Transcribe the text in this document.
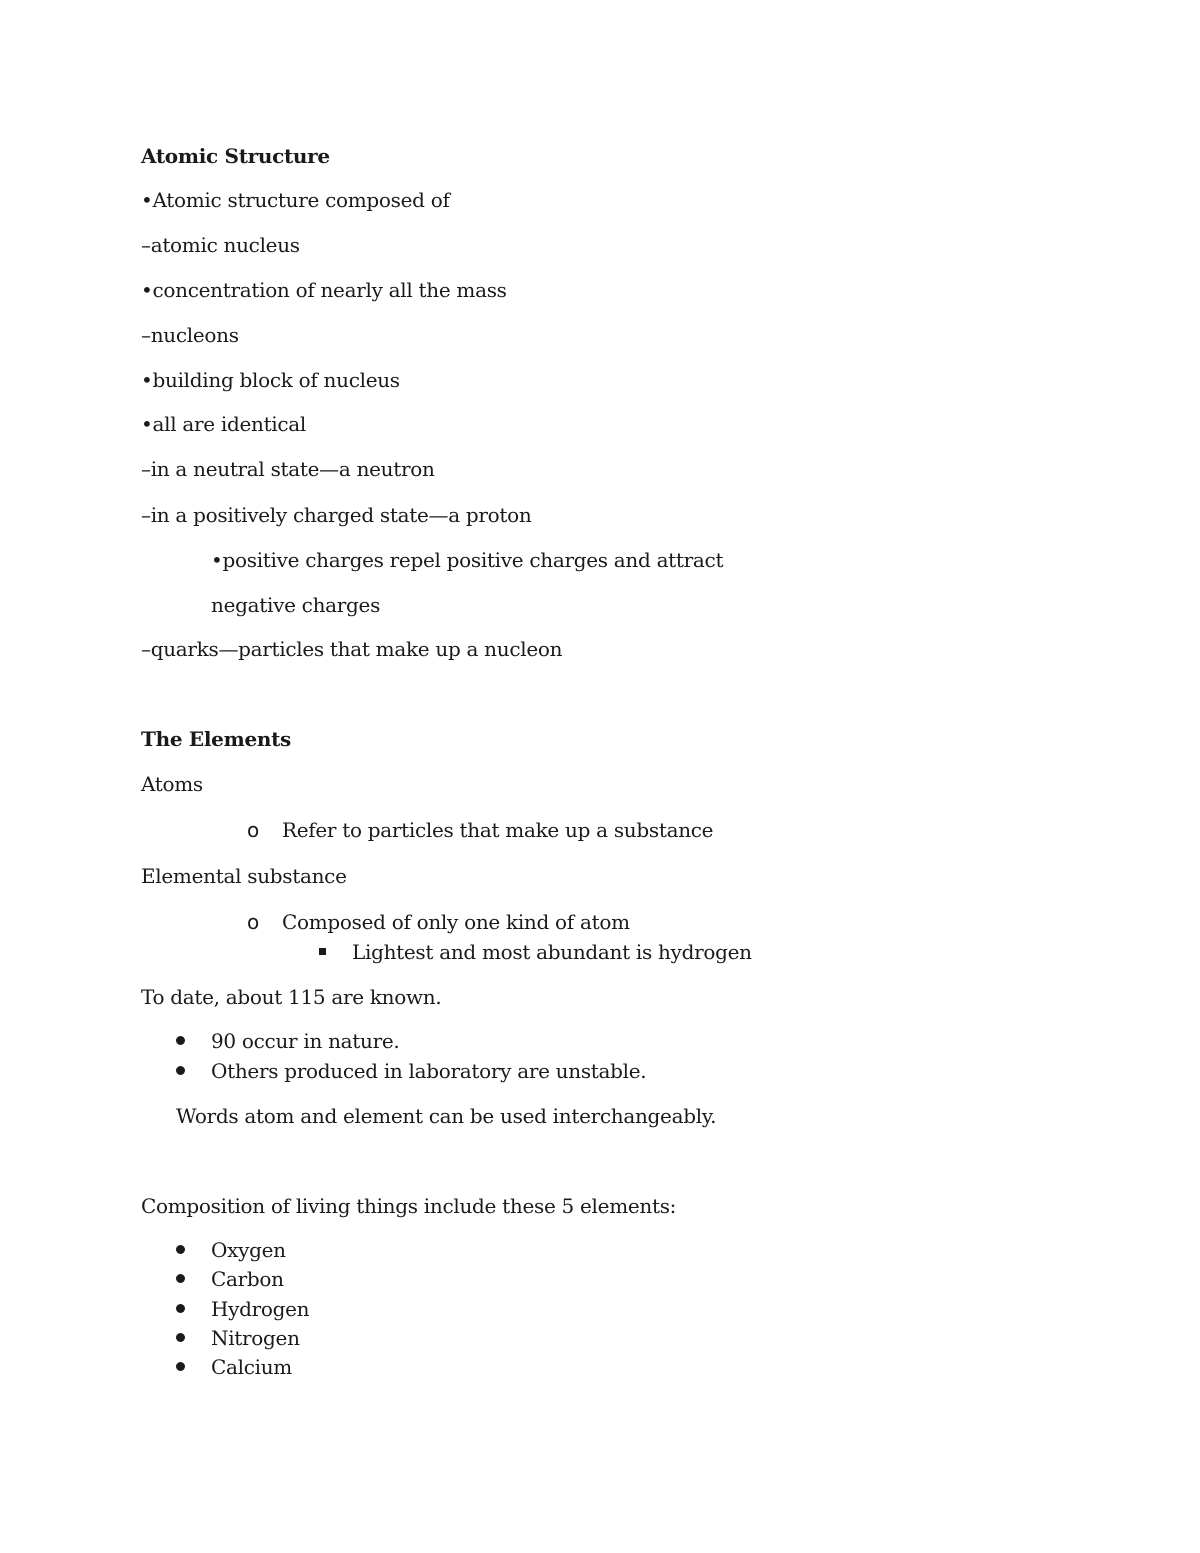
Atomic Structure
•Atomic structure composed of
–atomic nucleus
•concentration of nearly all the mass
–nucleons
•building block of nucleus
•all are identical
–in a neutral state—a neutron
–in a positively charged state—a proton
•positive charges repel positive charges and attract
negative charges
–quarks—particles that make up a nucleon
The Elements
Atoms
o Refer to particles that make up a substance
Elemental substance
o Composed of only one kind of atom
Lightest and most abundant is hydrogen
To date, about 115 are known.
90 occur in nature.
Others produced in laboratory are unstable.
Words atom and element can be used interchangeably.
Composition of living things include these 5 elements:
Oxygen
Carbon
Hydrogen
Nitrogen
Calcium
